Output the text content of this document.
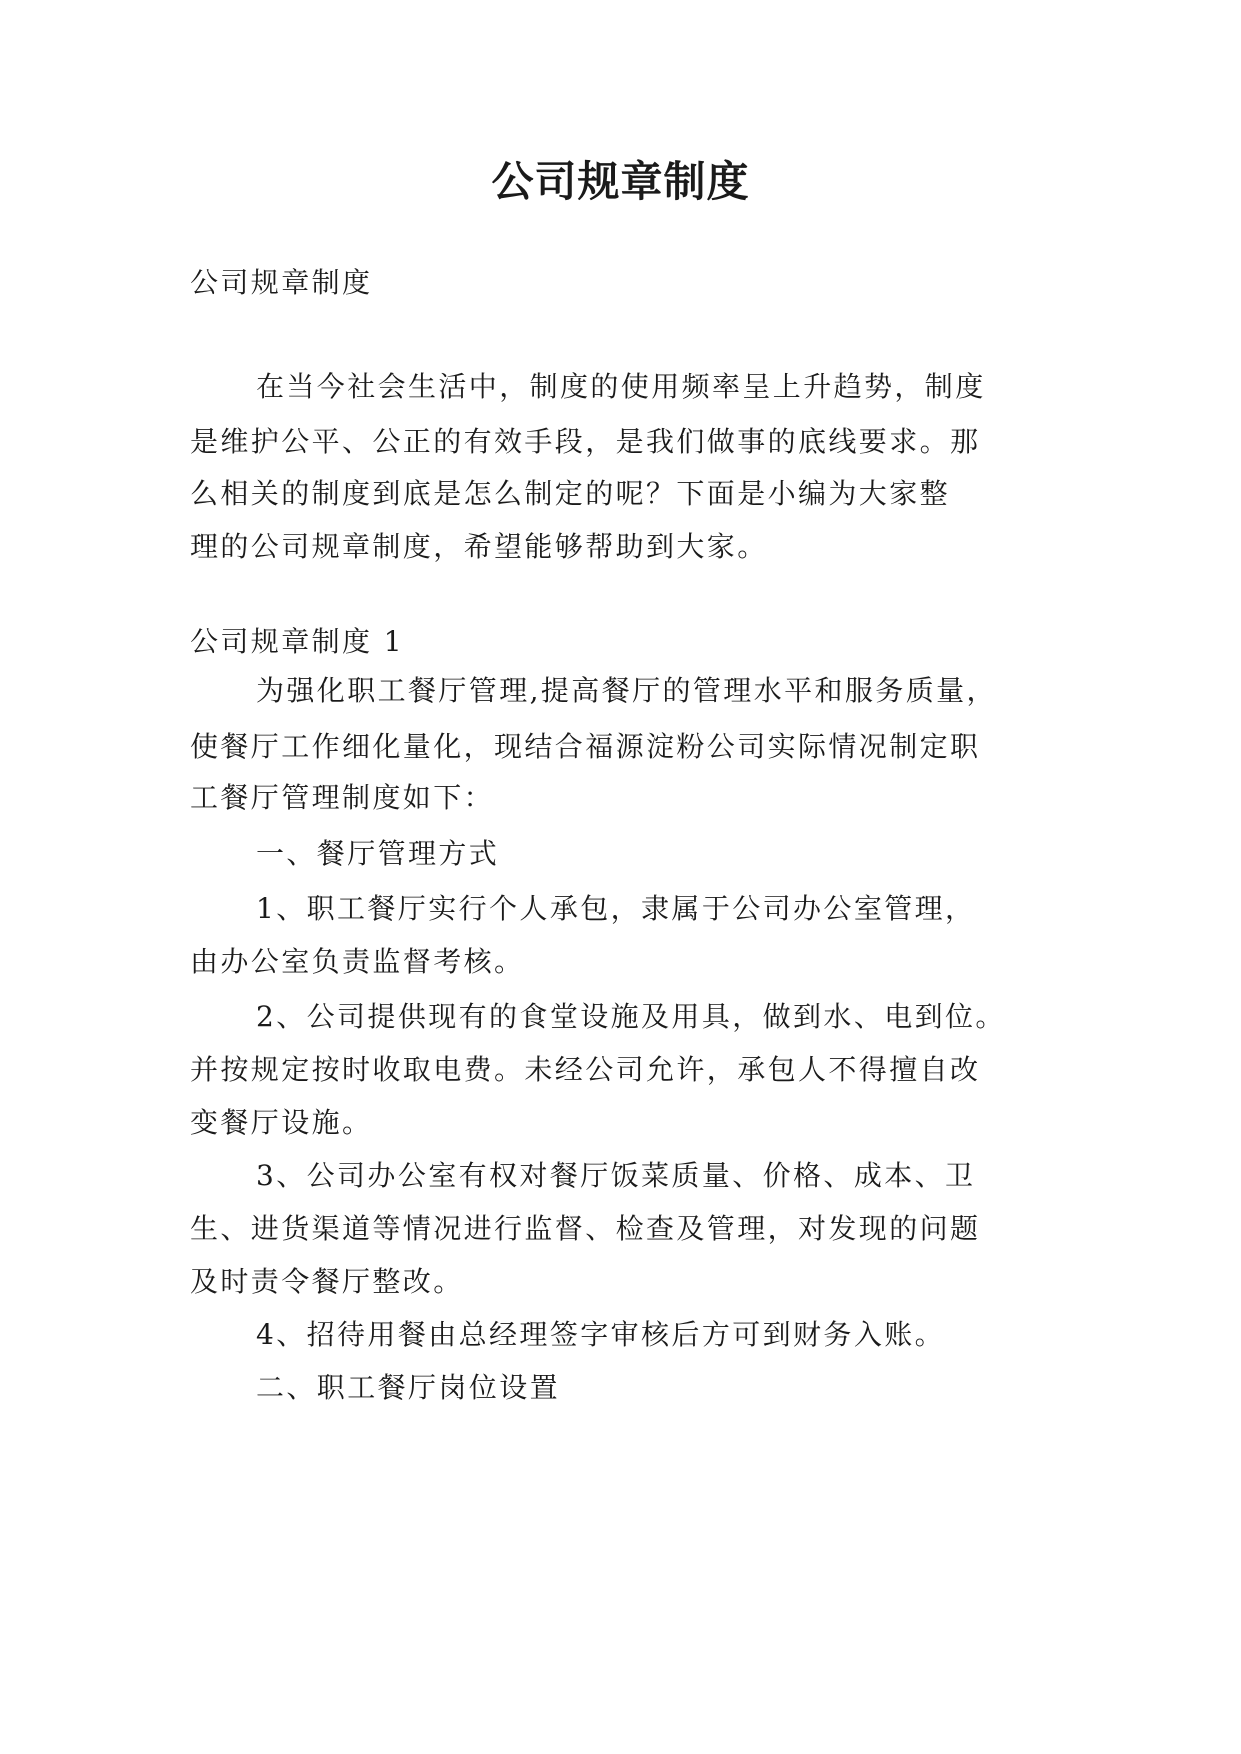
公司规章制度
公司规章制度
在当今社会生活中，制度的使用频率呈上升趋势，制度
是维护公平、公正的有效手段，是我们做事的底线要求。那
么相关的制度到底是怎么制定的呢？下面是小编为大家整
理的公司规章制度，希望能够帮助到大家。
公司规章制度 1
为强化职工餐厅管理,提高餐厅的管理水平和服务质量，
使餐厅工作细化量化，现结合福源淀粉公司实际情况制定职
工餐厅管理制度如下：
一、餐厅管理方式
1、职工餐厅实行个人承包，隶属于公司办公室管理，
由办公室负责监督考核。
2、公司提供现有的食堂设施及用具，做到水、电到位。
并按规定按时收取电费。未经公司允许，承包人不得擅自改
变餐厅设施。
3、公司办公室有权对餐厅饭菜质量、价格、成本、卫
生、进货渠道等情况进行监督、检查及管理，对发现的问题
及时责令餐厅整改。
4、招待用餐由总经理签字审核后方可到财务入账。
二、职工餐厅岗位设置
